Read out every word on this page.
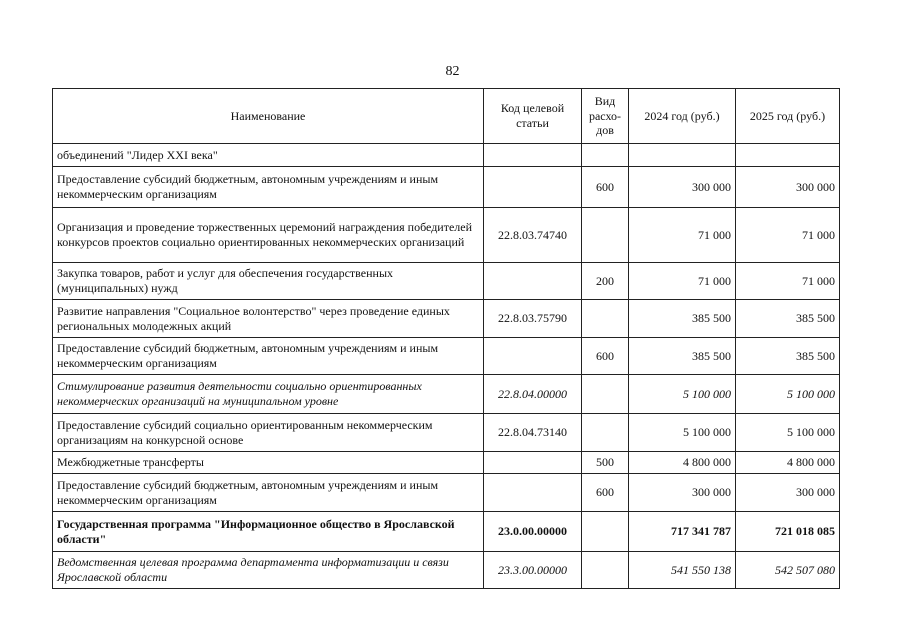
82
Наименование	Код целевой статьи	Вид расхо-дов	2024 год (руб.)	2025 год (руб.)
объединений "Лидер XXI века"				
Предоставление субсидий бюджетным, автономным учреждениям и иным некоммерческим организациям		600	300 000	300 000
Организация и проведение торжественных церемоний награждения победителей конкурсов проектов социально ориентированных некоммерческих организаций	22.8.03.74740		71 000	71 000
Закупка товаров, работ и услуг для обеспечения государственных (муниципальных) нужд		200	71 000	71 000
Развитие направления "Социальное волонтерство" через проведение единых региональных молодежных акций	22.8.03.75790		385 500	385 500
Предоставление субсидий бюджетным, автономным учреждениям и иным некоммерческим организациям		600	385 500	385 500
Стимулирование развития деятельности социально ориентированных некоммерческих организаций на муниципальном уровне	22.8.04.00000		5 100 000	5 100 000
Предоставление субсидий социально ориентированным некоммерческим организациям на конкурсной основе	22.8.04.73140		5 100 000	5 100 000
Межбюджетные трансферты		500	4 800 000	4 800 000
Предоставление субсидий бюджетным, автономным учреждениям и иным некоммерческим организациям		600	300 000	300 000
Государственная программа "Информационное общество в Ярославской области"	23.0.00.00000		717 341 787	721 018 085
Ведомственная целевая программа департамента информатизации и связи Ярославской области	23.3.00.00000		541 550 138	542 507 080
